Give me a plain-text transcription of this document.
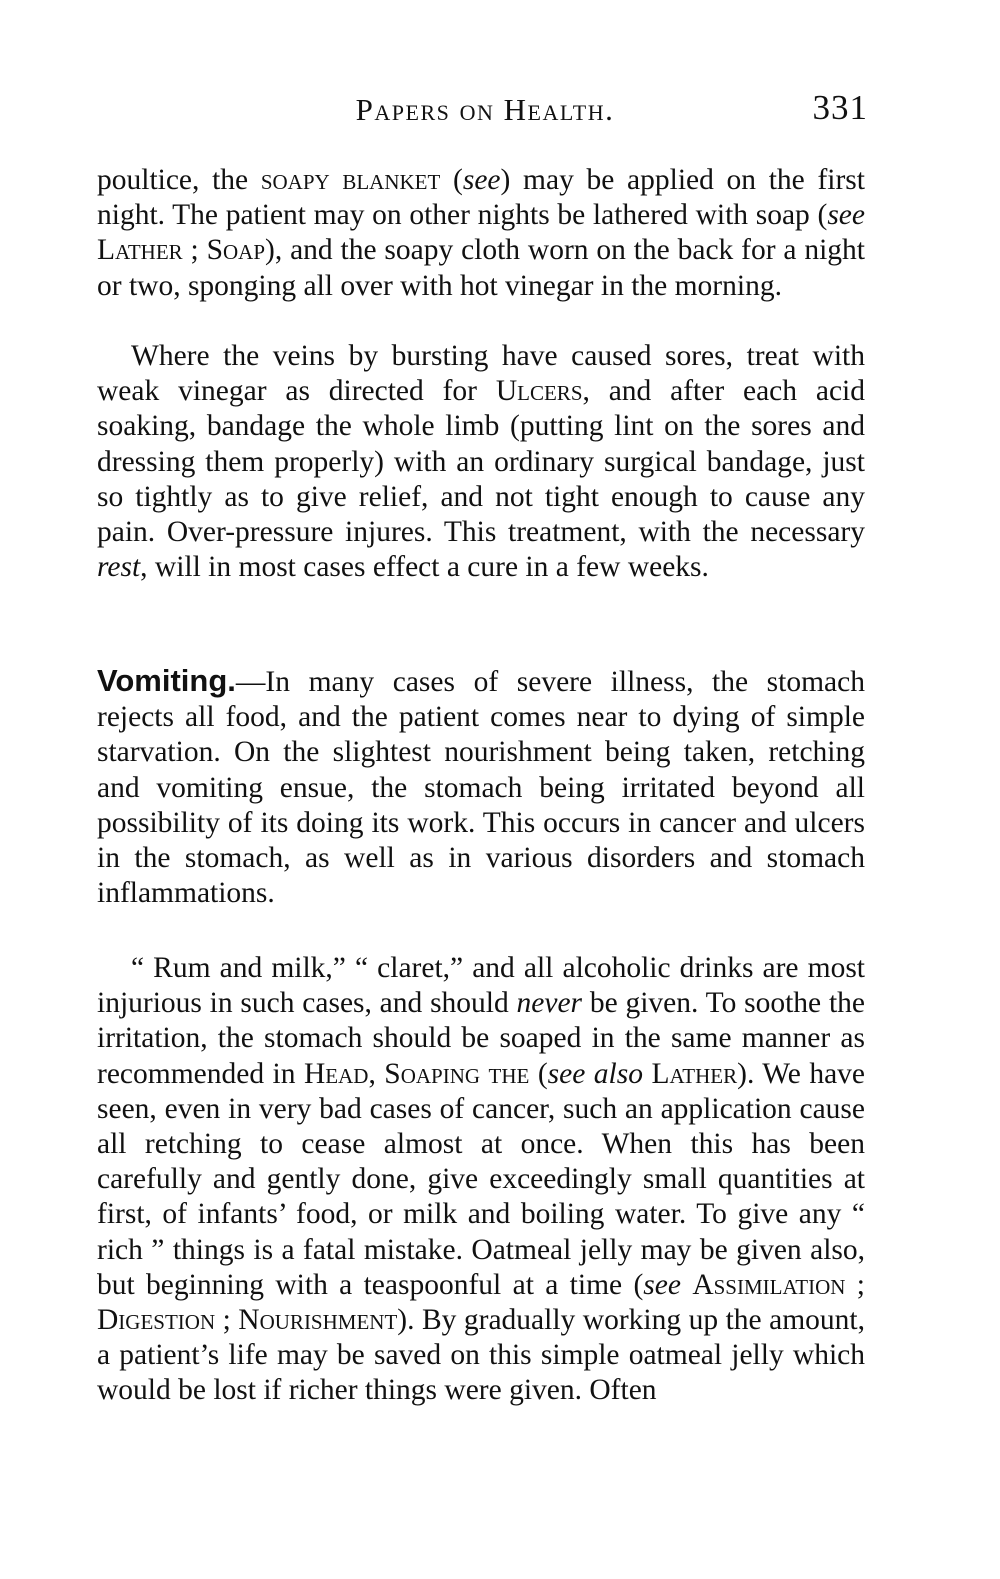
Papers on Health.	331

poultice, the soapy blanket (see) may be applied on the first night. The patient may on other nights be lathered with soap (see Lather ; Soap), and the soapy cloth worn on the back for a night or two, sponging all over with hot vinegar in the morning.

Where the veins by bursting have caused sores, treat with weak vinegar as directed for Ulcers, and after each acid soaking, bandage the whole limb (putting lint on the sores and dressing them properly) with an ordinary surgical bandage, just so tightly as to give relief, and not tight enough to cause any pain. Over-pressure injures. This treatment, with the necessary rest, will in most cases effect a cure in a few weeks.

Vomiting.—In many cases of severe illness, the stomach rejects all food, and the patient comes near to dying of simple starvation. On the slightest nourishment being taken, retching and vomiting ensue, the stomach being irritated beyond all possibility of its doing its work. This occurs in cancer and ulcers in the stomach, as well as in various disorders and stomach inflammations.

“ Rum and milk,” “ claret,” and all alcoholic drinks are most injurious in such cases, and should never be given. To soothe the irritation, the stomach should be soaped in the same manner as recommended in Head, Soaping the (see also Lather). We have seen, even in very bad cases of cancer, such an application cause all retching to cease almost at once. When this has been carefully and gently done, give exceedingly small quantities at first, of infants’ food, or milk and boiling water. To give any “ rich ” things is a fatal mistake. Oatmeal jelly may be given also, but beginning with a teaspoonful at a time (see Assimilation ; Digestion ; Nourishment). By gradually working up the amount, a patient’s life may be saved on this simple oatmeal jelly which would be lost if richer things were given. Often
